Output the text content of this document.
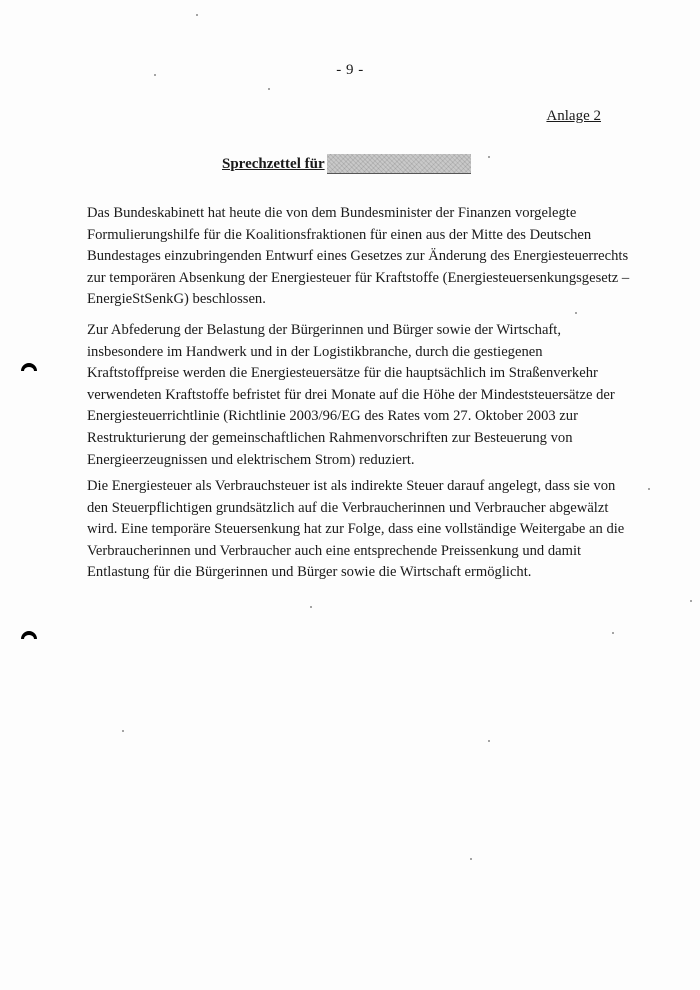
- 9 -
Anlage 2
Sprechzettel für

Das Bundeskabinett hat heute die von dem Bundesminister der Finanzen vorgelegte
Formulierungshilfe für die Koalitionsfraktionen für einen aus der Mitte des Deutschen
Bundestages einzubringenden Entwurf eines Gesetzes zur Änderung des Energiesteuerrechts
zur temporären Absenkung der Energiesteuer für Kraftstoffe (Energiesteuersenkungsgesetz –
EnergieStSenkG) beschlossen.

Zur Abfederung der Belastung der Bürgerinnen und Bürger sowie der Wirtschaft,
insbesondere im Handwerk und in der Logistikbranche, durch die gestiegenen
Kraftstoffpreise werden die Energiesteuersätze für die hauptsächlich im Straßenverkehr
verwendeten Kraftstoffe befristet für drei Monate auf die Höhe der Mindeststeuersätze der
Energiesteuerrichtlinie (Richtlinie 2003/96/EG des Rates vom 27. Oktober 2003 zur
Restrukturierung der gemeinschaftlichen Rahmenvorschriften zur Besteuerung von
Energieerzeugnissen und elektrischem Strom) reduziert.

Die Energiesteuer als Verbrauchsteuer ist als indirekte Steuer darauf angelegt, dass sie von
den Steuerpflichtigen grundsätzlich auf die Verbraucherinnen und Verbraucher abgewälzt
wird. Eine temporäre Steuersenkung hat zur Folge, dass eine vollständige Weitergabe an die
Verbraucherinnen und Verbraucher auch eine entsprechende Preissenkung und damit
Entlastung für die Bürgerinnen und Bürger sowie die Wirtschaft ermöglicht.
